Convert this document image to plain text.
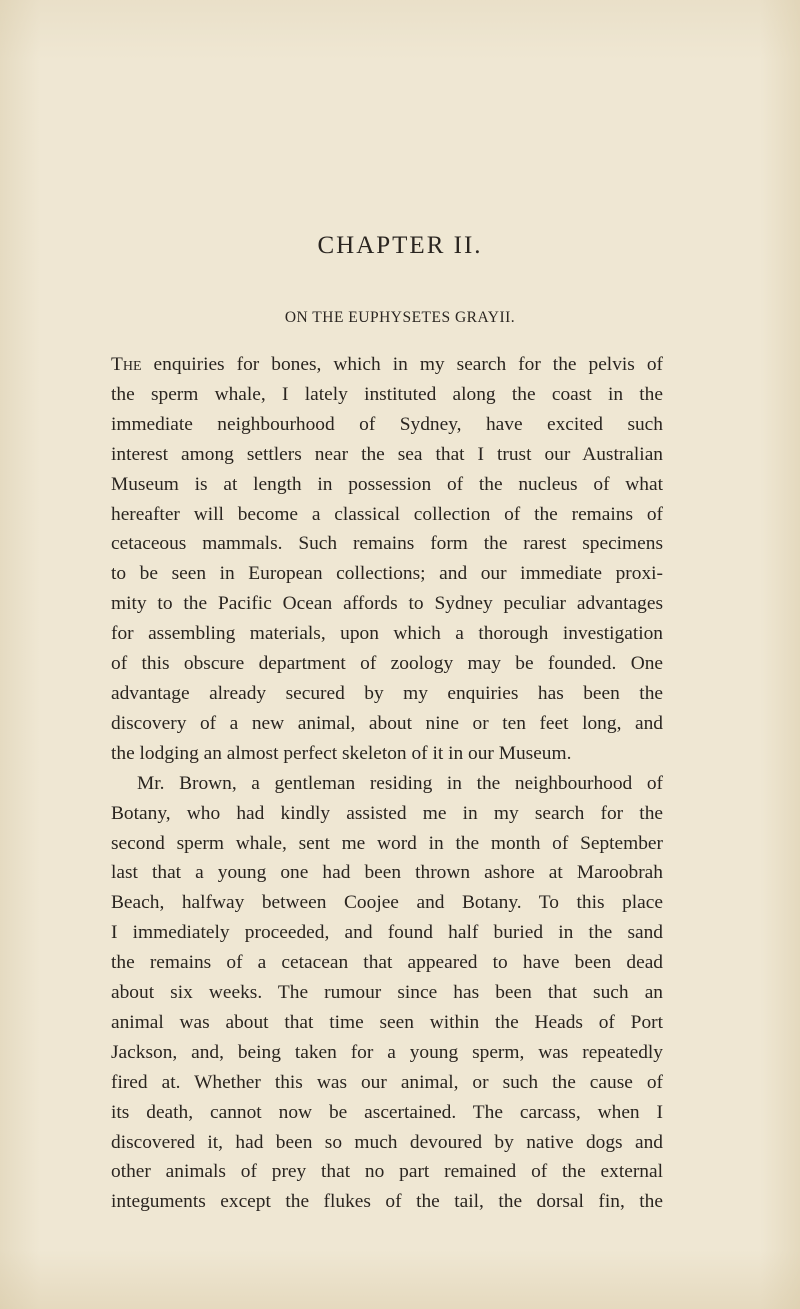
CHAPTER II.
ON THE EUPHYSETES GRAYII.
The enquiries for bones, which in my search for the pelvis of
the sperm whale, I lately instituted along the coast in the
immediate neighbourhood of Sydney, have excited such
interest among settlers near the sea that I trust our Australian
Museum is at length in possession of the nucleus of what
hereafter will become a classical collection of the remains of
cetaceous mammals. Such remains form the rarest specimens
to be seen in European collections; and our immediate proxi-
mity to the Pacific Ocean affords to Sydney peculiar advantages
for assembling materials, upon which a thorough investigation
of this obscure department of zoology may be founded. One
advantage already secured by my enquiries has been the
discovery of a new animal, about nine or ten feet long, and
the lodging an almost perfect skeleton of it in our Museum.
Mr. Brown, a gentleman residing in the neighbourhood of
Botany, who had kindly assisted me in my search for the
second sperm whale, sent me word in the month of September
last that a young one had been thrown ashore at Maroobrah
Beach, halfway between Coojee and Botany. To this place
I immediately proceeded, and found half buried in the sand
the remains of a cetacean that appeared to have been dead
about six weeks. The rumour since has been that such an
animal was about that time seen within the Heads of Port
Jackson, and, being taken for a young sperm, was repeatedly
fired at. Whether this was our animal, or such the cause of
its death, cannot now be ascertained. The carcass, when I
discovered it, had been so much devoured by native dogs and
other animals of prey that no part remained of the external
integuments except the flukes of the tail, the dorsal fin, the
